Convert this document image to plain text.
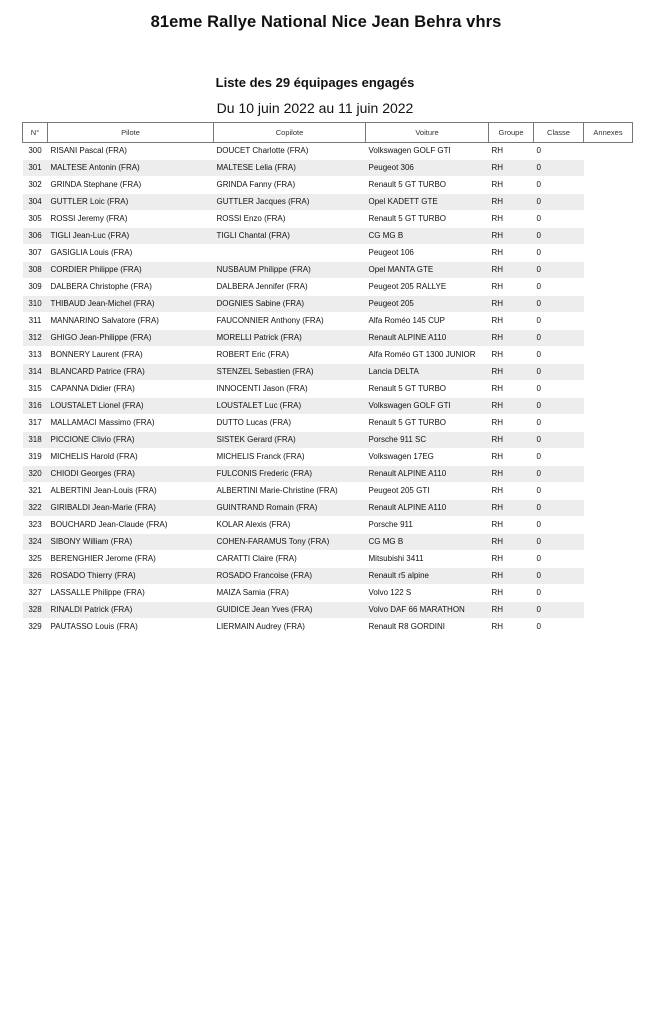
81eme Rallye National Nice Jean Behra vhrs
Liste des 29 équipages engagés
Du 10 juin 2022 au 11 juin 2022
N°	Pilote	Copilote	Voiture	Groupe	Classe	Annexes
300	RISANI Pascal (FRA)	DOUCET Charlotte (FRA)	Volkswagen GOLF GTI	RH	0	
301	MALTESE Antonin (FRA)	MALTESE Lelia (FRA)	Peugeot 306	RH	0	
302	GRINDA Stephane (FRA)	GRINDA Fanny (FRA)	Renault 5 GT TURBO	RH	0	
304	GUTTLER Loic (FRA)	GUTTLER Jacques (FRA)	Opel KADETT GTE	RH	0	
305	ROSSI Jeremy (FRA)	ROSSI Enzo (FRA)	Renault 5 GT TURBO	RH	0	
306	TIGLI Jean-Luc (FRA)	TIGLI Chantal (FRA)	CG MG B	RH	0	
307	GASIGLIA Louis (FRA)		Peugeot 106	RH	0	
308	CORDIER Philippe (FRA)	NUSBAUM Philippe (FRA)	Opel MANTA GTE	RH	0	
309	DALBERA Christophe (FRA)	DALBERA Jennifer (FRA)	Peugeot 205 RALLYE	RH	0	
310	THIBAUD Jean-Michel (FRA)	DOGNIES Sabine (FRA)	Peugeot 205	RH	0	
311	MANNARINO Salvatore (FRA)	FAUCONNIER Anthony (FRA)	Alfa Roméo 145 CUP	RH	0	
312	GHIGO Jean-Philippe (FRA)	MORELLI Patrick (FRA)	Renault ALPINE A110	RH	0	
313	BONNERY Laurent (FRA)	ROBERT Eric (FRA)	Alfa Roméo GT 1300 JUNIOR	RH	0	
314	BLANCARD Patrice (FRA)	STENZEL Sebastien (FRA)	Lancia DELTA	RH	0	
315	CAPANNA Didier (FRA)	INNOCENTI Jason (FRA)	Renault 5 GT TURBO	RH	0	
316	LOUSTALET Lionel (FRA)	LOUSTALET Luc (FRA)	Volkswagen GOLF GTI	RH	0	
317	MALLAMACI Massimo (FRA)	DUTTO Lucas (FRA)	Renault 5 GT TURBO	RH	0	
318	PICCIONE Clivio (FRA)	SISTEK Gerard (FRA)	Porsche 911 SC	RH	0	
319	MICHELIS Harold (FRA)	MICHELIS Franck (FRA)	Volkswagen 17EG	RH	0	
320	CHIODI Georges (FRA)	FULCONIS Frederic (FRA)	Renault ALPINE A110	RH	0	
321	ALBERTINI Jean-Louis (FRA)	ALBERTINI Marie-Christine (FRA)	Peugeot 205 GTI	RH	0	
322	GIRIBALDI Jean-Marie (FRA)	GUINTRAND Romain (FRA)	Renault ALPINE A110	RH	0	
323	BOUCHARD Jean-Claude (FRA)	KOLAR Alexis (FRA)	Porsche 911	RH	0	
324	SIBONY William (FRA)	COHEN-FARAMUS Tony (FRA)	CG MG B	RH	0	
325	BERENGHIER Jerome (FRA)	CARATTI Claire (FRA)	Mitsubishi 3411	RH	0	
326	ROSADO Thierry (FRA)	ROSADO Francoise (FRA)	Renault r5 alpine	RH	0	
327	LASSALLE Philippe (FRA)	MAIZA Samia (FRA)	Volvo 122 S	RH	0	
328	RINALDI Patrick (FRA)	GUIDICE Jean Yves (FRA)	Volvo DAF 66 MARATHON	RH	0	
329	PAUTASSO Louis (FRA)	LIERMAIN Audrey (FRA)	Renault R8 GORDINI	RH	0	
